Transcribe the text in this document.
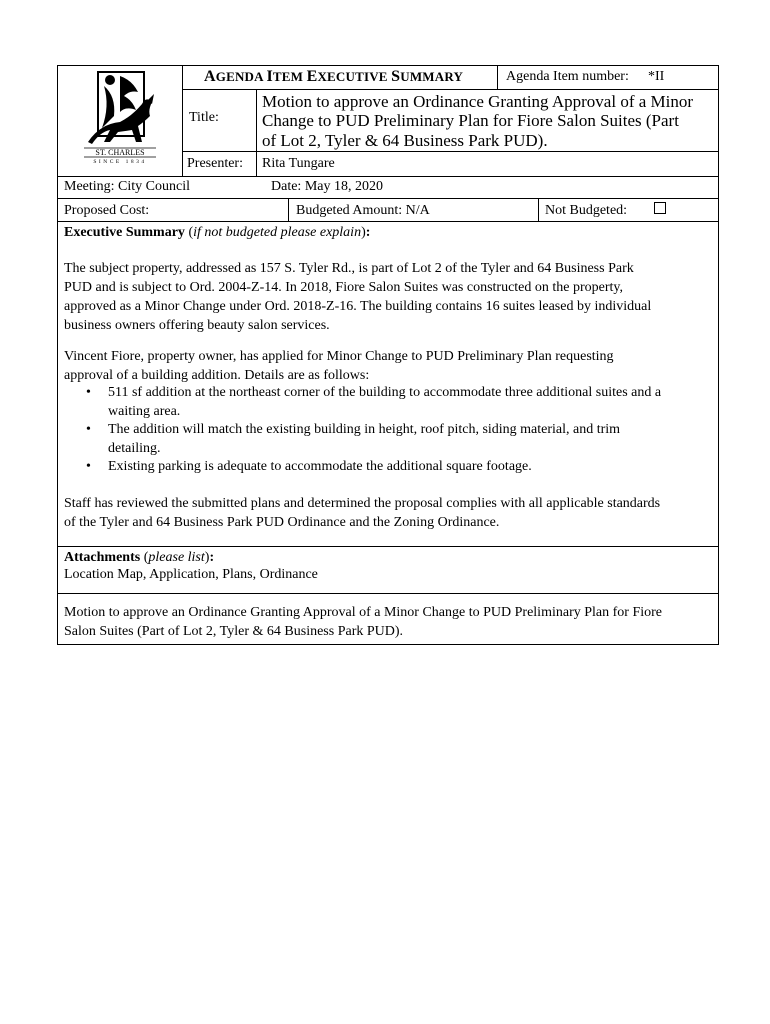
ST. CHARLES
SINCE 1834
AGENDA ITEM EXECUTIVE SUMMARY	Agenda Item number: *II
Title:
Motion to approve an Ordinance Granting Approval of a Minor
Change to PUD Preliminary Plan for Fiore Salon Suites (Part
of Lot 2, Tyler & 64 Business Park PUD).
Presenter: Rita Tungare
Meeting: City Council	Date: May 18, 2020
Proposed Cost:	Budgeted Amount: N/A	Not Budgeted:
Executive Summary (if not budgeted please explain):
The subject property, addressed as 157 S. Tyler Rd., is part of Lot 2 of the Tyler and 64 Business Park
PUD and is subject to Ord. 2004-Z-14. In 2018, Fiore Salon Suites was constructed on the property,
approved as a Minor Change under Ord. 2018-Z-16. The building contains 16 suites leased by individual
business owners offering beauty salon services.
Vincent Fiore, property owner, has applied for Minor Change to PUD Preliminary Plan requesting
approval of a building addition. Details are as follows:
• 511 sf addition at the northeast corner of the building to accommodate three additional suites and a
waiting area.
• The addition will match the existing building in height, roof pitch, siding material, and trim
detailing.
• Existing parking is adequate to accommodate the additional square footage.
Staff has reviewed the submitted plans and determined the proposal complies with all applicable standards
of the Tyler and 64 Business Park PUD Ordinance and the Zoning Ordinance.
Attachments (please list):
Location Map, Application, Plans, Ordinance
Motion to approve an Ordinance Granting Approval of a Minor Change to PUD Preliminary Plan for Fiore
Salon Suites (Part of Lot 2, Tyler & 64 Business Park PUD).
